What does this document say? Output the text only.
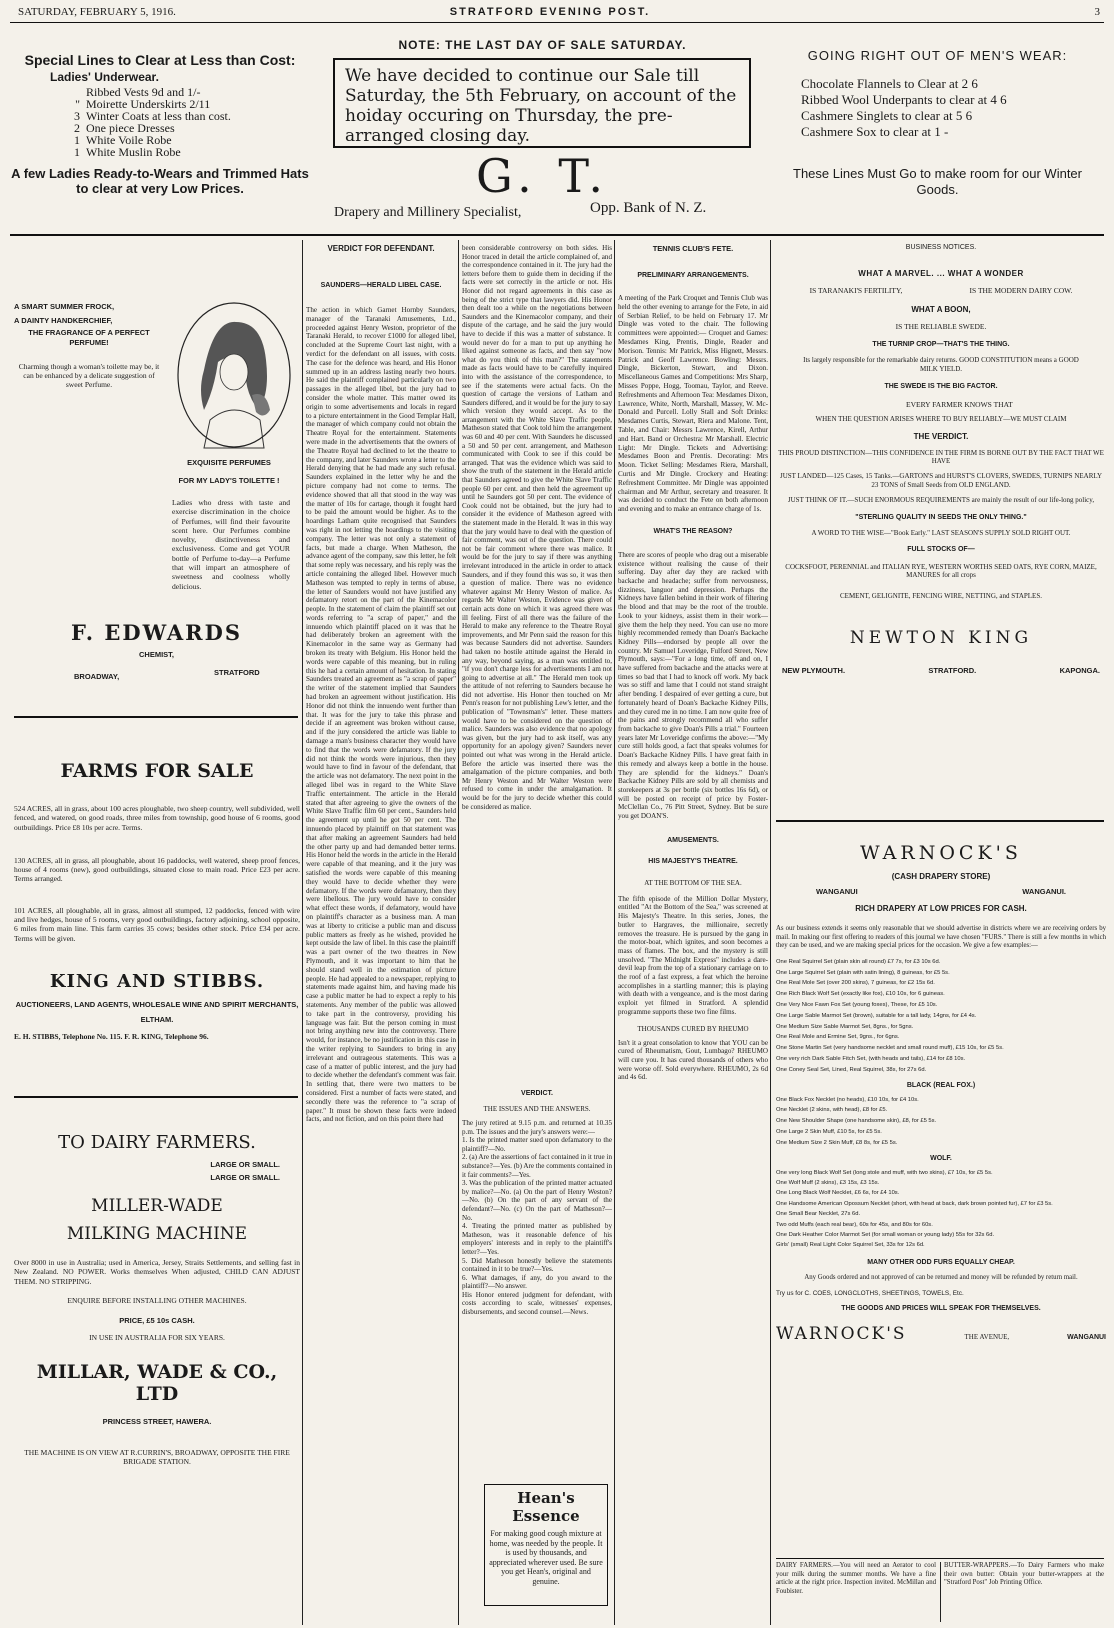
SATURDAY, FEBRUARY 5, 1916.	STRATFORD EVENING POST.	3
Special Lines to Clear at Less than Cost:
Ladies' Underwear.
Ribbed Vests 9d and 1/-
" Moirette Underskirts 2/11
3 Winter Coats at less than cost.
2 One piece Dresses
1 White Voile Robe
1 White Muslin Robe
A few Ladies Ready-to-Wears and Trimmed Hats to clear at very Low Prices.
NOTE: THE LAST DAY OF SALE SATURDAY.
We have decided to continue our Sale till Saturday, the 5th February, on account of the hoiday occuring on Thursday, the pre-arranged closing day.
G. T.
Drapery and Millinery Specialist,	Opp. Bank of N. Z.
GOING RIGHT OUT OF MEN'S WEAR:
Chocolate Flannels to Clear at 2 6
Ribbed Wool Underpants to clear at 4 6
Cashmere Singlets to clear at 5 6
Cashmere Sox to clear at 1 -
These Lines Must Go to make room for our Winter Goods.
A SMART SUMMER FROCK,
A DAINTY HANDKERCHIEF,
THE FRAGRANCE OF A PERFECT PERFUME!
Charming though a woman's toilette may be, it can be enhanced by a delicate suggestion of sweet Perfume.
EXQUISITE PERFUMES
FOR MY LADY'S TOILETTE !
Ladies who dress with taste and exercise discrimination in the choice of Perfumes, will find their favourite scent here. Our Perfumes combine novelty, distinctiveness and exclusiveness. Come and get YOUR bottle of Perfume to-day—a Perfume that will impart an atmosphere of sweetness and coolness wholly delicious.
F. EDWARDS
CHEMIST,
BROADWAY,	STRATFORD
FARMS FOR SALE
524 ACRES, all in grass, about 100 acres ploughable, two sheep country, well subdivided, well fenced, and watered, on good roads, three miles from township, good house of 6 rooms, good outbuildings. Price £8 10s per acre. Terms.
130 ACRES, all in grass, all ploughable, about 16 paddocks, well watered, sheep proof fences, house of 4 rooms (new), good outbuildings, situated close to main road. Price £23 per acre. Terms arranged.
101 ACRES, all ploughable, all in grass, almost all stumped, 12 paddocks, fenced with wire and live hedges, house of 5 rooms, very good outbuildings, factory adjoining, school opposite, 6 miles from main line. This farm carries 35 cows; besides other stock. Price £34 per acre. Terms will be given.
KING AND STIBBS.
AUCTIONEERS, LAND AGENTS, WHOLESALE WINE AND SPIRIT MERCHANTS,
ELTHAM.
E. H. STIBBS, Telephone No. 115. F. R. KING, Telephone 96.
TO DAIRY FARMERS.
LARGE OR SMALL.
LARGE OR SMALL.
MILLER-WADE
MILKING MACHINE
Over 8000 in use in Australia; used in America, Jersey, Straits Settlements, and selling fast in New Zealand. NO POWER. Works themselves When adjusted, CHILD CAN ADJUST THEM. NO STRIPPING.
ENQUIRE BEFORE INSTALLING OTHER MACHINES.
PRICE, £5 10s CASH.
IN USE IN AUSTRALIA FOR SIX YEARS.
MILLAR, WADE & CO., LTD
PRINCESS STREET, HAWERA.
THE MACHINE IS ON VIEW AT R.CURRIN'S, BROADWAY, OPPOSITE THE FIRE BRIGADE STATION.
VERDICT FOR DEFENDANT.
SAUNDERS—HERALD LIBEL CASE.
The action in which Garnet Hornby Saunders, manager of the Taranaki Amusements, Ltd., proceeded against Henry Weston, proprietor of the Taranaki Herald, to recover £1000 for alleged libel, concluded at the Supreme Court last night, with a verdict for the defendant on all issues, with costs. The case for the defence was heard, and His Honor summed up in an address lasting nearly two hours. He said the plaintiff complained particularly on two passages in the alleged libel, but the jury had to consider the whole matter. This matter owed its origin to some advertisements and locals in regard to a picture entertainment in the Good Templar Hall, the manager of which company could not obtain the Theatre Royal for the entertainment. Statements were made in the advertisements that the owners of the Theatre Royal had declined to let the theatre to the company, and later Saunders wrote a letter to the Herald denying that he had made any such refusal. Saunders explained in the letter why he and the picture company had not come to terms. The evidence showed that all that stood in the way was the matter of 10s for cartage, though it fought hard to be paid the amount would be higher. As to the hoardings Latham quite recognised that Saunders was right in not letting the hoardings to the visiting company. The letter was not only a statement of facts, but made a charge. When Matheson, the advance agent of the company, saw this letter, he felt that some reply was necessary, and his reply was the article containing the alleged libel. However much Matheson was tempted to reply in terms of abuse, the letter of Saunders would not have justified any defamatory retort on the part of the Kinemacolor people. In the statement of claim the plaintiff set out words referring to "a scrap of paper," and the innuendo which plaintiff placed on it was that he had deliberately broken an agreement with the Kinemacolor in the same way as Germany had broken its treaty with Belgium. His Honor held the words were capable of this meaning, but in ruling this he had a certain amount of hesitation. In stating Saunders treated an agreement as "a scrap of paper" the writer of the statement implied that Saunders had broken an agreement without justification. His Honor did not think the innuendo went further than that. It was for the jury to take this phrase and decide if an agreement was broken without cause, and if the jury considered the article was liable to damage a man's business character they would have to find that the words were defamatory. If the jury did not think the words were injurious, then they would have to find in favour of the defendant, that the article was not defamatory. The next point in the alleged libel was in regard to the White Slave Traffic entertainment. The article in the Herald stated that after agreeing to give the owners of the White Slave Traffic film 60 per cent., Saunders held the agreement up until he got 50 per cent. The innuendo placed by plaintiff on that statement was that after making an agreement Saunders had held the other party up and had demanded better terms. His Honor held the words in the article in the Herald were capable of that meaning, and it the jury was satisfied the words were capable of this meaning they would have to decide whether they were defamatory. If the words were defamatory, then they were libellous. The jury would have to consider what effect these words, if defamatory, would have on plaintiff's character as a business man. A man was at liberty to criticise a public man and discuss public matters as freely as he wished, provided he kept outside the law of libel. In this case the plaintiff was a part owner of the two theatres in New Plymouth, and it was important to him that he should stand well in the estimation of picture people. He had appealed to a newspaper, replying to statements made against him, and having made his case a public matter he had to expect a reply to his statements. Any member of the public was allowed to take part in the controversy, providing his language was fair. But the person coming in must not bring anything new into the controversy. There would, for instance, be no justification in this case in the writer replying to Saunders to bring in any irrelevant and outrageous statements. This was a case of a matter of public interest, and the jury had to decide whether the defendant's comment was fair. In settling that, there were two matters to be considered. First a number of facts were stated, and secondly there was the reference to "a scrap of paper." It must be shown these facts were indeed facts, and not fiction, and on this point there had
been considerable controversy on both sides. His Honor traced in detail the article complained of, and the correspondence contained in it. The jury had the letters before them to guide them in deciding if the facts were set correctly in the article or not. His Honor did not regard agreements in this case as being of the strict type that lawyers did. His Honor then dealt too a while on the negotiations between Saunders and the Kinemacolor company, and their dispute of the cartage, and he said the jury would have to decide if this was a matter of substance. It would never do for a man to put up anything he liked against someone as facts, and then say "now what do you think of this man?" The statements made as facts would have to be carefully inquired into with the assistance of the correspondence, to see if the statements were actual facts. On the question of cartage the versions of Latham and Saunders differed, and it would be for the jury to say which version they would accept. As to the arrangement with the White Slave Traffic people, Matheson stated that Cook told him the arrangement was 60 and 40 per cent. With Saunders he discussed a 50 and 50 per cent. arrangement, and Matheson communicated with Cook to see if this could be arranged. That was the evidence which was said to show the truth of the statement in the Herald article that Saunders agreed to give the White Slave Traffic people 60 per cent. and then held the agreement up until he Saunders got 50 per cent. The evidence of Cook could not be obtained, but the jury had to consider it the evidence of Matheson agreed with the statement made in the Herald. It was in this way that the jury would have to deal with the question of fair comment, was out of the question. There could not be fair comment where there was malice. It would be for the jury to say if there was anything irrelevant introduced in the article in order to attack Saunders, and if they found this was so, it was then a question of malice. There was no evidence whatever against Mr Henry Weston of malice. As regards Mr Walter Weston, Evidence was given of certain acts done on which it was agreed there was ill feeling. First of all there was the failure of the Herald to make any reference to the Theatre Royal improvements, and Mr Penn said the reason for this was because Saunders did not advertise. Saunders had taken no hostile attitude against the Herald in any way, beyond saying, as a man was entitled to, "if you don't charge less for advertisements I am not going to advertise at all." The Herald men took up the attitude of not referring to Saunders because he did not advertise. His Honor then touched on Mr Penn's reason for not publishing Lew's letter, and the publication of "Townsman's" letter. These matters would have to be considered on the question of malice. Saunders was also evidence that no apology was given, but the jury had to ask itself, was any opportunity for an apology given? Saunders never pointed out what was wrong in the Herald article. Before the article was inserted there was the amalgamation of the picture companies, and both Mr Henry Weston and Mr Walter Weston were refused to come in under the amalgamation. It would be for the jury to decide whether this could be considered as malice.
VERDICT.
THE ISSUES AND THE ANSWERS.
The jury retired at 9.15 p.m. and returned at 10.35 p.m. The issues and the jury's answers were:—
1. Is the printed matter sued upon defamatory to the plaintiff?—No.
2. (a) Are the assertions of fact contained in it true in substance?—Yes. (b) Are the comments contained in it fair comments?—Yes.
3. Was the publication of the printed matter actuated by malice?—No. (a) On the part of Henry Weston?—No. (b) On the part of any servant of the defendant?—No. (c) On the part of Matheson?—No.
4. Treating the printed matter as published by Matheson, was it reasonable defence of his employers' interests and in reply to the plaintiff's letter?—Yes.
5. Did Matheson honestly believe the statements contained in it to be true?—Yes.
6. What damages, if any, do you award to the plaintiff?—No answer.
His Honor entered judgment for defendant, with costs according to scale, witnesses' expenses, disbursements, and second counsel.—News.
Hean's Essence
For making good cough mixture at home, was needed by the people. It is used by thousands, and appreciated wherever used. Be sure you get Hean's, original and genuine.
TENNIS CLUB'S FETE.
PRELIMINARY ARRANGEMENTS.
A meeting of the Park Croquet and Tennis Club was held the other evening to arrange for the Fete, in aid of Serbian Relief, to be held on February 17. Mr Dingle was voted to the chair. The following committees were appointed:— Croquet and Games: Mesdames King, Prentis, Dingle, Reader and Morison. Tennis: Mr Patrick, Miss Hignett, Messrs. Patrick and Geoff Lawrence. Bowling: Messrs. Dingle, Bickerton, Stewart, and Dixon. Miscellaneous Games and Competitions: Mrs Sharp, Misses Poppe, Hogg, Toomau, Taylor, and Reeve. Refreshments and Afternoon Tea: Mesdames Dixon, Lawrence, White, North, Marshall, Massey, W. Mc-Donald and Purcell. Lolly Stall and Soft Drinks: Mesdames Curtis, Stewart, Riera and Malone. Tent, Table, and Chair: Messrs Lawrence, Kirell, Arthur and Hart. Band or Orchestra: Mr Marshall. Electric Light: Mr Dingle. Tickets and Advertising: Mesdames Boon and Prentis. Decorating: Mrs Moon. Ticket Selling: Mesdames Riera, Marshall, Curtis and Mr Dingle. Crockery and Heating: Refreshment Committee. Mr Dingle was appointed chairman and Mr Arthur, secretary and treasurer. It was decided to conduct the Fete on both afternoon and evening and to make an entrance charge of 1s.
WHAT'S THE REASON?
There are scores of people who drag out a miserable existence without realising the cause of their suffering. Day after day they are racked with backache and headache; suffer from nervousness, dizziness, languor and depression. Perhaps the Kidneys have fallen behind in their work of filtering the blood and that may be the root of the trouble. Look to your kidneys, assist them in their work—give them the help they need. You can use no more highly recommended remedy than Doan's Backache Kidney Pills—endorsed by people all over the country. Mr Samuel Loveridge, Fulford Street, New Plymouth, says:—"For a long time, off and on, I have suffered from backache and the attacks were at times so bad that I had to knock off work. My back was so stiff and lame that I could not stand straight after bending. I despaired of ever getting a cure, but fortunately heard of Doan's Backache Kidney Pills, and they cured me in no time. I am now quite free of the pains and strongly recommend all who suffer from backache to give Doan's Pills a trial." Fourteen years later Mr Loveridge confirms the above:—"My cure still holds good, a fact that speaks volumes for Doan's Backache Kidney Pills. I have great faith in this remedy and always keep a bottle in the house. They are splendid for the kidneys." Doan's Backache Kidney Pills are sold by all chemists and storekeepers at 3s per bottle (six bottles 16s 6d), or will be posted on receipt of price by Foster-McClellan Co., 76 Pitt Street, Sydney. But be sure you get DOAN'S.
AMUSEMENTS.
HIS MAJESTY'S THEATRE.
AT THE BOTTOM OF THE SEA.
The fifth episode of the Million Dollar Mystery, entitled "At the Bottom of the Sea," was screened at His Majesty's Theatre. In this series, Jones, the butler to Hargraves, the millionaire, secretly removes the treasure. He is pursued by the gang in the motor-boat, which ignites, and soon becomes a mass of flames. The box, and the mystery is still unsolved. "The Midnight Express" includes a dare-devil leap from the top of a stationary carriage on to the roof of a fast express, a feat which the heroine accomplishes in a startling manner; this is playing with death with a vengeance, and is the most daring exploit yet filmed in Stratford. A splendid programme supports these two fine films.
THOUSANDS CURED BY RHEUMO
Isn't it a great consolation to know that YOU can be cured of Rheumatism, Gout, Lumbago? RHEUMO will cure you. It has cured thousands of others who were worse off. Sold everywhere. RHEUMO, 2s 6d and 4s 6d.
BUSINESS NOTICES.
WHAT A MARVEL. ... WHAT A WONDER
IS TARANAKI'S FERTILITY,	IS THE MODERN DAIRY COW.
WHAT A BOON,
IS THE RELIABLE SWEDE.
THE TURNIP CROP—THAT'S THE THING.
Its largely responsible for the remarkable dairy returns. GOOD CONSTITUTION means a GOOD MILK YIELD.
THE SWEDE IS THE BIG FACTOR.
EVERY FARMER KNOWS THAT
WHEN THE QUESTION ARISES WHERE TO BUY RELIABLY—WE MUST CLAIM
THE VERDICT.
THIS PROUD DISTINCTION—THIS CONFIDENCE IN THE FIRM IS BORNE OUT BY THE FACT THAT WE HAVE
JUST LANDED—125 Cases, 15 Tanks.—GARTON'S and HURST'S CLOVERS, SWEDES, TURNIPS NEARLY 23 TONS of Small Seeds from OLD ENGLAND.
JUST THINK OF IT.—SUCH ENORMOUS REQUIREMENTS are mainly the result of our life-long policy,
"STERLING QUALITY IN SEEDS THE ONLY THING."
A WORD TO THE WISE—"Book Early." LAST SEASON'S SUPPLY SOLD RIGHT OUT.
FULL STOCKS OF—
COCKSFOOT, PERENNIAL and ITALIAN RYE, WESTERN WORTHS SEED OATS, RYE CORN, MAIZE, MANURES for all crops
CEMENT, GELIGNITE, FENCING WIRE, NETTING, and STAPLES.
NEWTON KING
NEW PLYMOUTH.	STRATFORD.	KAPONGA.
WARNOCK'S
(CASH DRAPERY STORE)
WANGANUI	WANGANUI.
RICH DRAPERY AT LOW PRICES FOR CASH.
As our business extends it seems only reasonable that we should advertise in districts where we are receiving orders by mail. In making our first offering to readers of this journal we have chosen "FURS." There is still a few months in which they can be used, and we are making special prices for the occasion. We give a few examples:—
One Real Squirrel Set (plain skin all round) £7 7s, for £3 10s 6d.
One Large Squirrel Set (plain with satin lining), 8 guineas, for £5 5s.
One Real Mole Set (over 200 skins), 7 guineas, for £2 15s 6d.
One Rich Black Wolf Set (exactly like fox), £10 10s, for 6 guineas.
One Very Nice Fawn Fox Set (young foxes), These, for £5 10s.
One Large Sable Marmot Set (brown), suitable for a tall lady, 14gns, for £4 4s.
One Medium Size Sable Marmot Set, 8gns., for 5gns.
One Real Mole and Ermine Set, 9gns., for 6gns.
One Stone Martin Set (very handsome necklet and small round muff), £15 10s, for £5 5s.
One very rich Dark Sable Fitch Set, (with heads and tails), £14 for £8 10s.
One Coney Seal Set, Lined, Real Squirrel, 38s, for 27s 6d.
BLACK (REAL FOX.)
One Black Fox Necklet (no heads), £10 10s, for £4 10s.
One Necklet (2 skins, with head), £8 for £5.
One New Shoulder Shape (one handsome skin), £8, for £5 5s.
One Large 2 Skin Muff, £10 5s, for £5 5s.
One Medium Size 2 Skin Muff, £8 8s, for £5 5s.
WOLF.
One very long Black Wolf Set (long stole and muff, with two skins), £7 10s, for £5 5s.
One Wolf Muff (2 skins), £3 15s, £3 15s.
One Long Black Wolf Necklet, £6 6s, for £4 10s.
One Handsome American Opossum Necklet (short, with head at back, dark brown pointed fur), £7 for £3 5s.
One Small Bear Necklet, 27s 6d.
Two odd Muffs (each real bear), 60s for 45s, and 80s for 60s.
One Dark Heather Color Marmot Set (for small woman or young lady) 55s for 32s 6d.
Girls' (small) Real Light Color Squirrel Set, 33s for 12s 6d.
MANY OTHER ODD FURS EQUALLY CHEAP.
Any Goods ordered and not approved of can be returned and money will be refunded by return mail.
Try us for C. COES, LONGCLOTHS, SHEETINGS, TOWELS, Etc.
THE GOODS AND PRICES WILL SPEAK FOR THEMSELVES.
WARNOCK'S	THE AVENUE,	WANGANUI
DAIRY FARMERS.—You will need an Aerator to cool your milk during the summer months. We have a fine article at the right price. Inspection invited. McMillan and Foubister.
BUTTER-WRAPPERS.—To Dairy Farmers who make their own butter: Obtain your butter-wrappers at the "Stratford Post" Job Printing Office.
